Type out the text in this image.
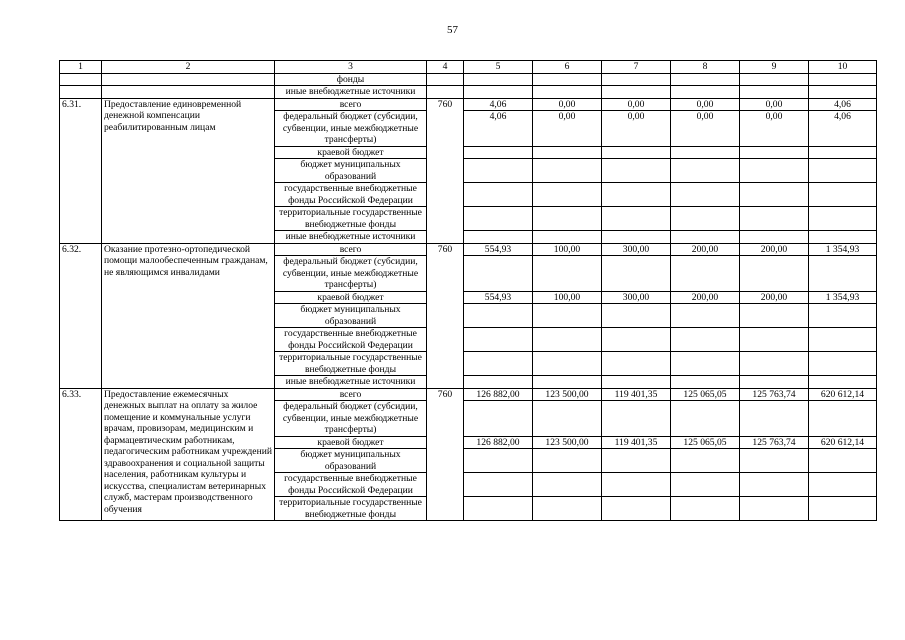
57
1	2	3	4	5	6	7	8	9	10
		фонды							
		иные внебюджетные источники							
6.31.	Предоставление единовременной денежной компенсации реабилитированным лицам	всего	760	4,06	0,00	0,00	0,00	0,00	4,06
		федеральный бюджет (субсидии, субвенции, иные межбюджетные трансферты)		4,06	0,00	0,00	0,00	0,00	4,06
		краевой бюджет							
		бюджет муниципальных образований							
		государственные внебюджетные фонды Российской Федерации							
		территориальные государственные внебюджетные фонды							
		иные внебюджетные источники							
6.32.	Оказание протезно-ортопедической помощи малообеспеченным гражданам, не являющимся инвалидами	всего	760	554,93	100,00	300,00	200,00	200,00	1 354,93
		федеральный бюджет (субсидии, субвенции, иные межбюджетные трансферты)							
		краевой бюджет		554,93	100,00	300,00	200,00	200,00	1 354,93
		бюджет муниципальных образований							
		государственные внебюджетные фонды Российской Федерации							
		территориальные государственные внебюджетные фонды							
		иные внебюджетные источники							
6.33.	Предоставление ежемесячных денежных выплат на оплату за жилое помещение и коммунальные услуги врачам, провизорам, медицинским и фармацевтическим работникам, педагогическим работникам учреждений здравоохранения и социальной защиты населения, работникам культуры и искусства, специалистам ветеринарных служб, мастерам производственного обучения	всего	760	126 882,00	123 500,00	119 401,35	125 065,05	125 763,74	620 612,14
		федеральный бюджет (субсидии, субвенции, иные межбюджетные трансферты)							
		краевой бюджет		126 882,00	123 500,00	119 401,35	125 065,05	125 763,74	620 612,14
		бюджет муниципальных образований							
		государственные внебюджетные фонды Российской Федерации							
		территориальные государственные внебюджетные фонды							
